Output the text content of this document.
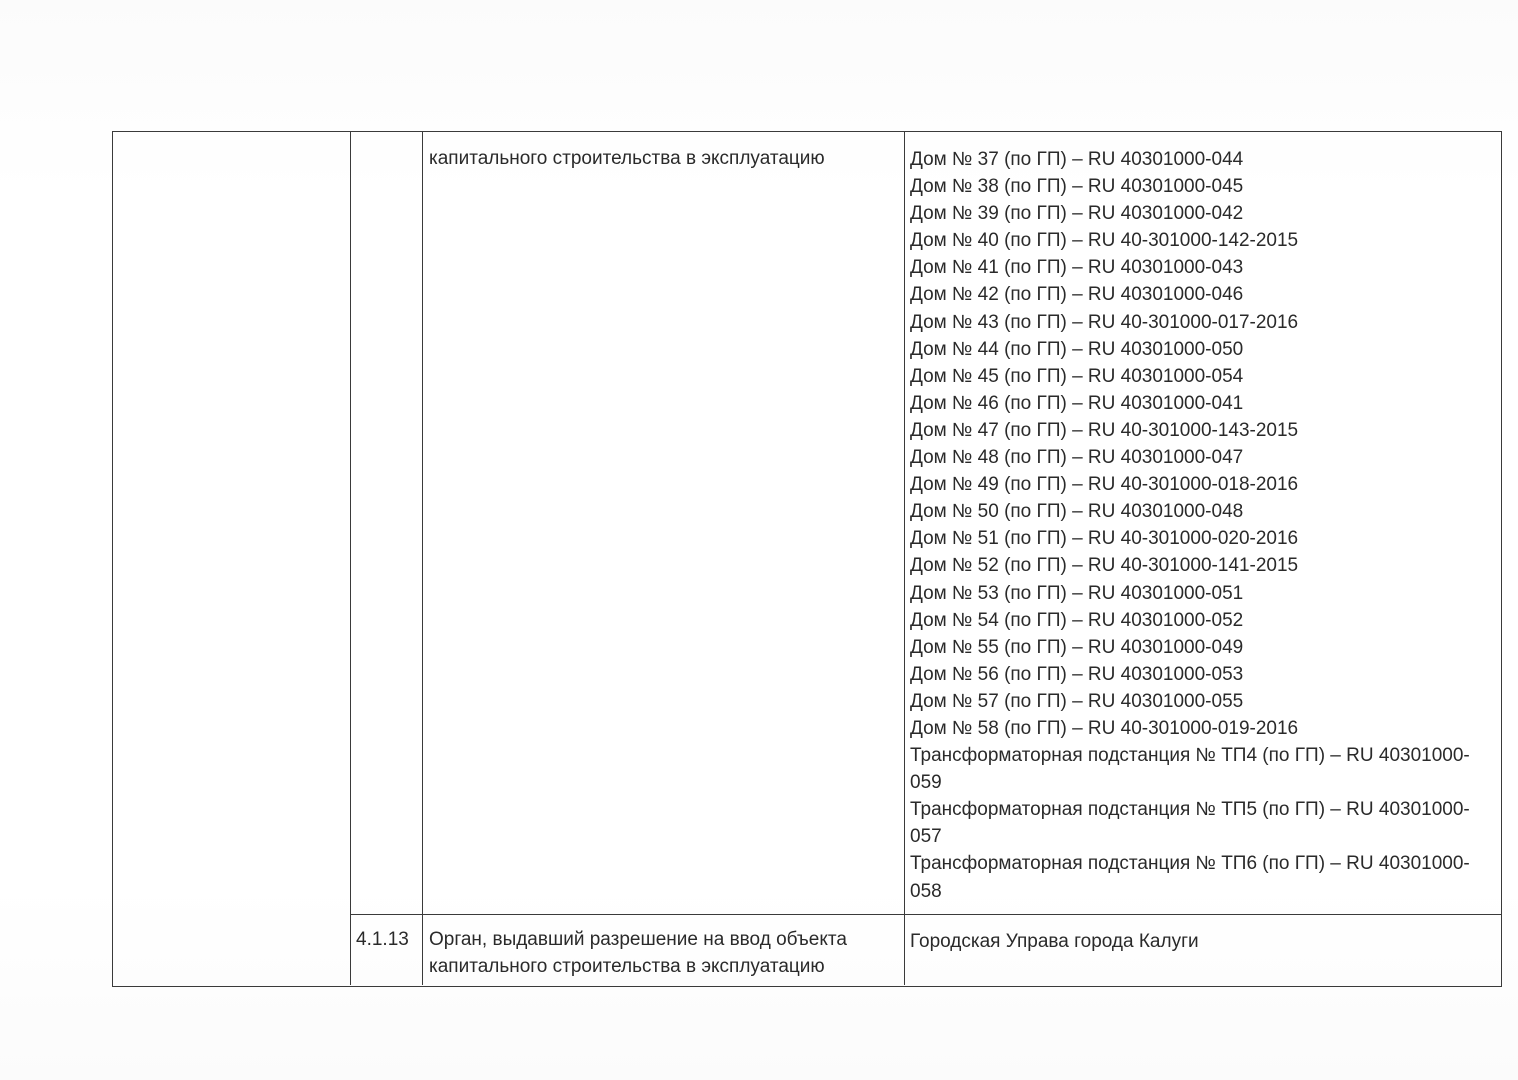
капитального строительства в эксплуатацию	Дом № 37 (по ГП) – RU 40301000-044
Дом № 38 (по ГП) – RU 40301000-045
Дом № 39 (по ГП) – RU 40301000-042
Дом № 40 (по ГП) – RU 40-301000-142-2015
Дом № 41 (по ГП) – RU 40301000-043
Дом № 42 (по ГП) – RU 40301000-046
Дом № 43 (по ГП) – RU 40-301000-017-2016
Дом № 44 (по ГП) – RU 40301000-050
Дом № 45 (по ГП) – RU 40301000-054
Дом № 46 (по ГП) – RU 40301000-041
Дом № 47 (по ГП) – RU 40-301000-143-2015
Дом № 48 (по ГП) – RU 40301000-047
Дом № 49 (по ГП) – RU 40-301000-018-2016
Дом № 50 (по ГП) – RU 40301000-048
Дом № 51 (по ГП) – RU 40-301000-020-2016
Дом № 52 (по ГП) – RU 40-301000-141-2015
Дом № 53 (по ГП) – RU 40301000-051
Дом № 54 (по ГП) – RU 40301000-052
Дом № 55 (по ГП) – RU 40301000-049
Дом № 56 (по ГП) – RU 40301000-053
Дом № 57 (по ГП) – RU 40301000-055
Дом № 58 (по ГП) – RU 40-301000-019-2016
Трансформаторная подстанция № ТП4 (по ГП) – RU 40301000-
059
Трансформаторная подстанция № ТП5 (по ГП) – RU 40301000-
057
Трансформаторная подстанция № ТП6 (по ГП) – RU 40301000-
058
4.1.13 Орган, выдавший разрешение на ввод объекта
капитального строительства в эксплуатацию
Городская Управа города Калуги
